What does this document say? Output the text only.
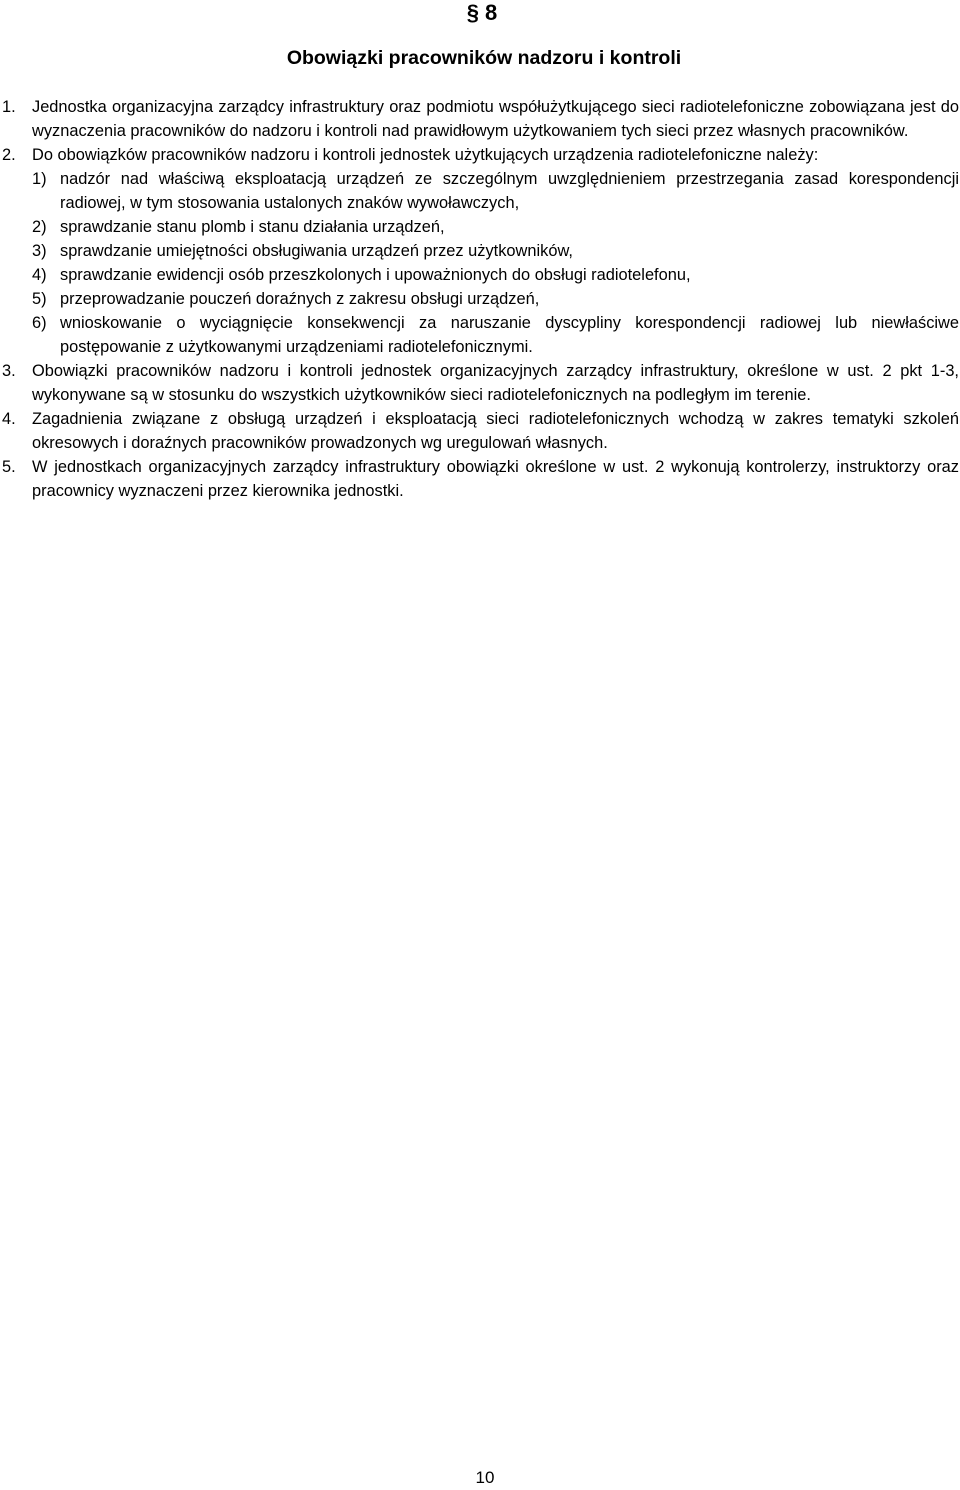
§ 8
Obowiązki pracowników nadzoru i kontroli
1. Jednostka organizacyjna zarządcy infrastruktury oraz podmiotu współużytkującego sieci radiotelefoniczne zobowiązana jest do wyznaczenia pracowników do nadzoru i kontroli nad prawidłowym użytkowaniem tych sieci przez własnych pracowników.
2. Do obowiązków pracowników nadzoru i kontroli jednostek użytkujących urządzenia radiotelefoniczne należy:
1) nadzór nad właściwą eksploatacją urządzeń ze szczególnym uwzględnieniem przestrzegania zasad korespondencji radiowej, w tym stosowania ustalonych znaków wywoławczych,
2) sprawdzanie stanu plomb i stanu działania urządzeń,
3) sprawdzanie umiejętności obsługiwania urządzeń przez użytkowników,
4) sprawdzanie ewidencji osób przeszkolonych i upoważnionych do obsługi radiotelefonu,
5) przeprowadzanie pouczeń doraźnych z zakresu obsługi urządzeń,
6) wnioskowanie o wyciągnięcie konsekwencji za naruszanie dyscypliny korespondencji radiowej lub niewłaściwe postępowanie z użytkowanymi urządzeniami radiotelefonicznymi.
3. Obowiązki pracowników nadzoru i kontroli jednostek organizacyjnych zarządcy infrastruktury, określone w ust. 2 pkt 1-3, wykonywane są w stosunku do wszystkich użytkowników sieci radiotelefonicznych na podległym im terenie.
4. Zagadnienia związane z obsługą urządzeń i eksploatacją sieci radiotelefonicznych wchodzą w zakres tematyki szkoleń okresowych i doraźnych pracowników prowadzonych wg uregulowań własnych.
5. W jednostkach organizacyjnych zarządcy infrastruktury obowiązki określone w ust. 2 wykonują kontrolerzy, instruktorzy oraz pracownicy wyznaczeni przez kierownika jednostki.
10
